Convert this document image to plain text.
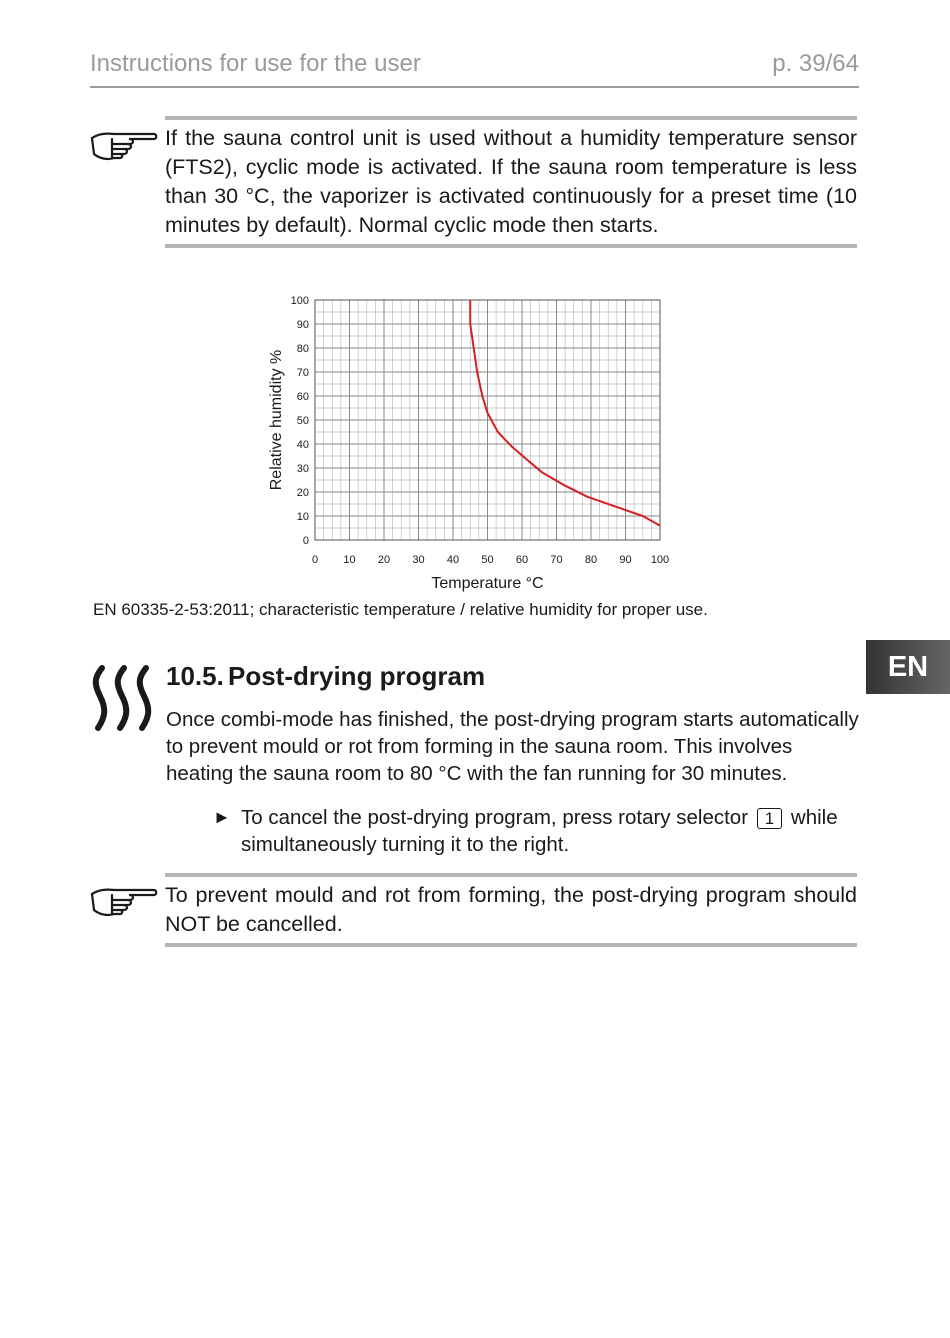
Instructions for use for the user	p. 39/64
If the sauna control unit is used without a humidity temperature sensor (FTS2), cyclic mode is activated. If the sauna room temperature is less than 30 °C, the vaporizer is activated continuously for a preset time (10 minutes by default). Normal cyclic mode then starts.
0 10 20 30 40 50 60 70 80 90 100
0
10
20
30
40
50
60
70
80
90
100
Temperature °C
Relative humidity %
EN 60335-2-53:2011; characteristic temperature / relative humidity for proper use.
EN
10.5. Post-drying program
Once combi-mode has finished, the post-drying program starts automatically to prevent mould or rot from forming in the sauna room. This involves heating the sauna room to 80 °C with the fan running for 30 minutes.
► To cancel the post-drying program, press rotary selector 1 while simultaneously turning it to the right.
To prevent mould and rot from forming, the post-drying program should NOT be cancelled.
